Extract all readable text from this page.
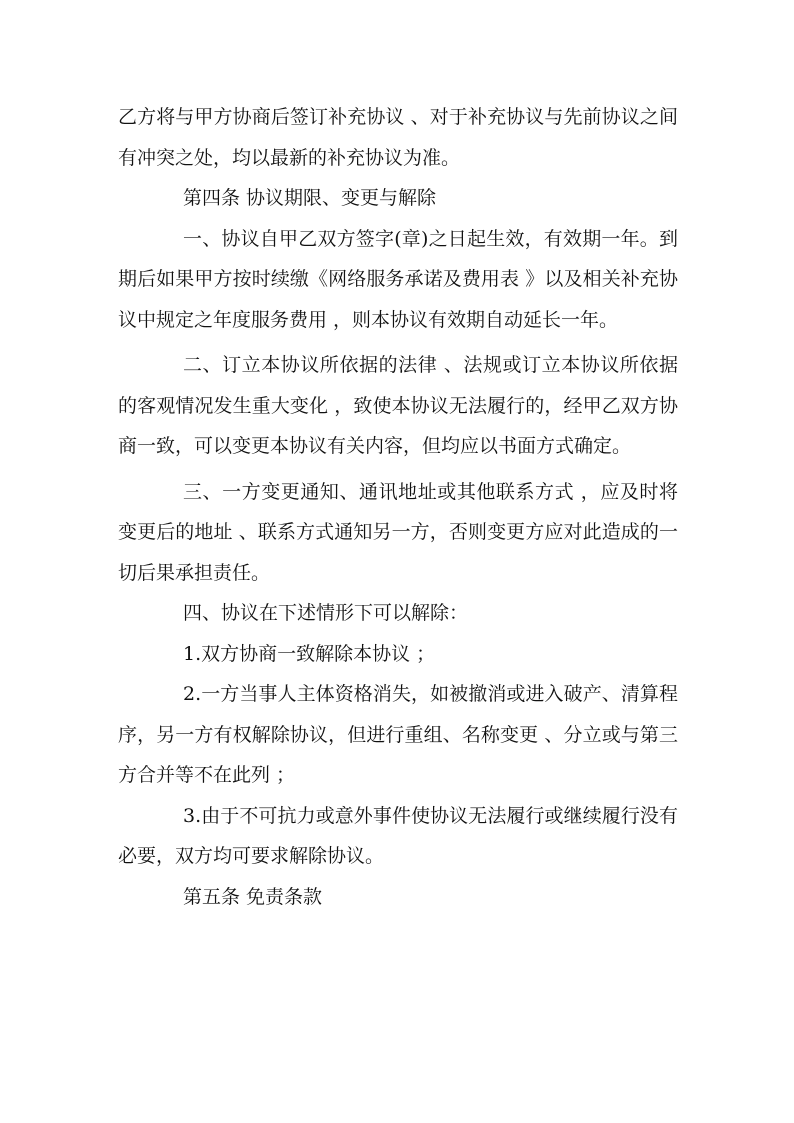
乙方将与甲方协商后签订补充协议 、对于补充协议与先前协议之间有冲突之处，均以最新的补充协议为准。

第四条 协议期限、变更与解除

一、协议自甲乙双方签字(章)之日起生效，有效期一年。到期后如果甲方按时续缴《网络服务承诺及费用表 》以及相关补充协议中规定之年度服务费用 ，则本协议有效期自动延长一年。

二、订立本协议所依据的法律 、法规或订立本协议所依据的客观情况发生重大变化 ，致使本协议无法履行的，经甲乙双方协商一致，可以变更本协议有关内容，但均应以书面方式确定。

三、一方变更通知、通讯地址或其他联系方式 ，应及时将变更后的地址 、联系方式通知另一方，否则变更方应对此造成的一切后果承担责任。

四、协议在下述情形下可以解除：

1.双方协商一致解除本协议 ；

2.一方当事人主体资格消失，如被撤消或进入破产、清算程序，另一方有权解除协议，但进行重组、名称变更 、分立或与第三方合并等不在此列 ；

3.由于不可抗力或意外事件使协议无法履行或继续履行没有必要，双方均可要求解除协议。

第五条 免责条款
